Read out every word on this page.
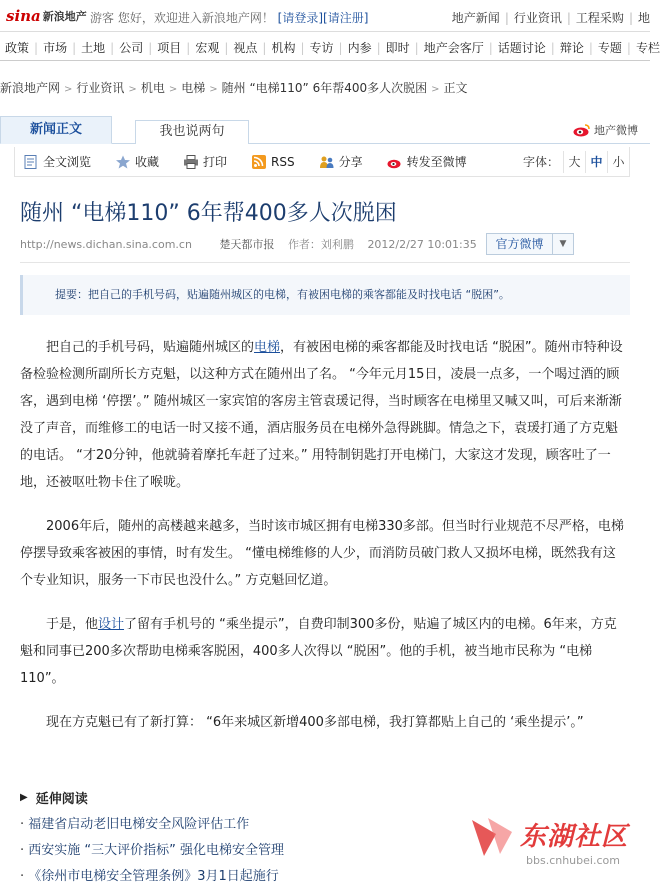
sina 新浪地产 游客 您好，欢迎进入新浪地产网！ [请登录][请注册]	地产新闻 | 行业资讯 | 工程采购 | 地
政策 | 市场 | 土地 | 公司 | 项目 | 宏观 | 视点 | 机构 | 专访 | 内参 | 即时 | 地产会客厅 | 话题讨论 | 辩论 | 专题 | 专栏
新浪地产网 > 行业资讯 > 机电 > 电梯 > 随州 “电梯110” 6年帮400多人次脱困 > 正文
新闻正文	我也说两句	地产微博
全文浏览	收藏	打印	RSS	分享	转发至微博	字体： 大 中 小
随州 “电梯110” 6年帮400多人次脱困
http://news.dichan.sina.com.cn	楚天都市报 作者：刘利鹏 2012/2/27 10:01:35	官方微博	▼
提要：把自己的手机号码，贴遍随州城区的电梯，有被困电梯的乘客都能及时找电话 “脱困”。

把自己的手机号码，贴遍随州城区的电梯，有被困电梯的乘客都能及时找电话 “脱困”。随州市特种设备检验检测所副所长方克魁，以这种方式在随州出了名。 “今年元月15日，凌晨一点多，一个喝过酒的顾客，遇到电梯 ‘停摆’。” 随州城区一家宾馆的客房主管袁瑗记得，当时顾客在电梯里又喊又叫，可后来渐渐没了声音，而维修工的电话一时又接不通，酒店服务员在电梯外急得跳脚。情急之下，袁瑗打通了方克魁的电话。 “才20分钟，他就骑着摩托车赶了过来。” 用特制钥匙打开电梯门，大家这才发现，顾客吐了一地，还被呕吐物卡住了喉咙。

2006年后，随州的高楼越来越多，当时该市城区拥有电梯330多部。但当时行业规范不尽严格，电梯停摆导致乘客被困的事情，时有发生。 “懂电梯维修的人少，而消防员破门救人又损坏电梯，既然我有这个专业知识，服务一下市民也没什么。” 方克魁回忆道。

于是，他设计了留有手机号的 “乘坐提示”，自费印制300多份，贴遍了城区内的电梯。6年来，方克魁和同事已200多次帮助电梯乘客脱困，400多人次得以 “脱困”。他的手机，被当地市民称为 “电梯110”。

现在方克魁已有了新打算： “6年来城区新增400多部电梯，我打算都贴上自己的 ‘乘坐提示’。”

▶ 延伸阅读
· 福建省启动老旧电梯安全风险评估工作
· 西安实施 “三大评价指标” 强化电梯安全管理
· 《徐州市电梯安全管理条例》3月1日起施行
东湖社区
bbs.cnhubei.com
